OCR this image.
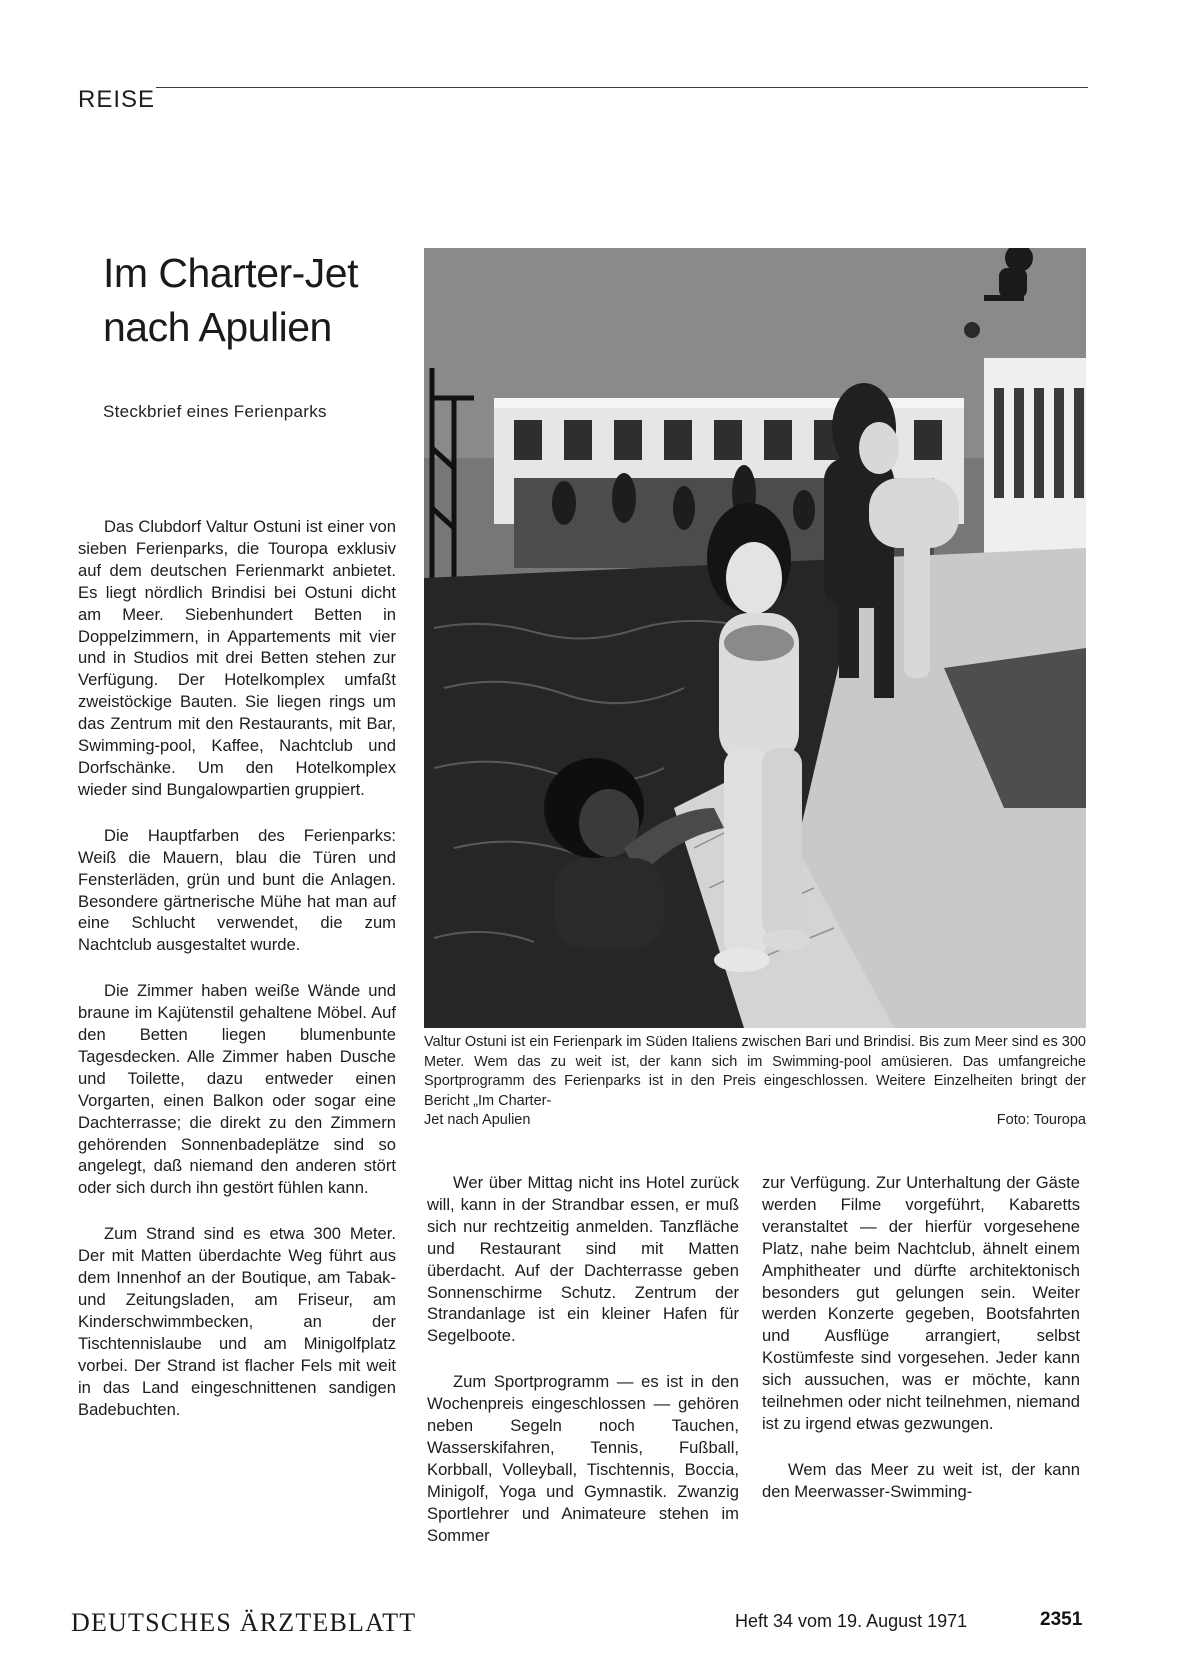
REISE
Im Charter-Jet nach Apulien
Steckbrief eines Ferienparks
Valtur Ostuni ist ein Ferienpark im Süden Italiens zwischen Bari und Brindisi. Bis zum Meer sind es 300 Meter. Wem das zu weit ist, der kann sich im Swimming-pool amüsieren. Das umfangreiche Sportprogramm des Ferienparks ist in den Preis eingeschlossen. Weitere Einzelheiten bringt der Bericht „Im Charter-
Jet nach Apulien	Foto: Touropa

Das Clubdorf Valtur Ostuni ist einer von sieben Ferienparks, die Touropa exklusiv auf dem deutschen Ferienmarkt anbietet. Es liegt nördlich Brindisi bei Ostuni dicht am Meer. Siebenhundert Betten in Doppelzimmern, in Appartements mit vier und in Studios mit drei Betten stehen zur Verfügung. Der Hotelkomplex umfaßt zweistöckige Bauten. Sie liegen rings um das Zentrum mit den Restaurants, mit Bar, Swimming-pool, Kaffee, Nachtclub und Dorfschänke. Um den Hotelkomplex wieder sind Bungalowpartien gruppiert.

Die Hauptfarben des Ferienparks: Weiß die Mauern, blau die Türen und Fensterläden, grün und bunt die Anlagen. Besondere gärtnerische Mühe hat man auf eine Schlucht verwendet, die zum Nachtclub ausgestaltet wurde.

Die Zimmer haben weiße Wände und braune im Kajütenstil gehaltene Möbel. Auf den Betten liegen blumenbunte Tagesdecken. Alle Zimmer haben Dusche und Toilette, dazu entweder einen Vorgarten, einen Balkon oder sogar eine Dachterrasse; die direkt zu den Zimmern gehörenden Sonnenbadeplätze sind so angelegt, daß niemand den anderen stört oder sich durch ihn gestört fühlen kann.

Zum Strand sind es etwa 300 Meter. Der mit Matten überdachte Weg führt aus dem Innenhof an der Boutique, am Tabak- und Zeitungsladen, am Friseur, am Kinderschwimmbecken, an der Tischtennislaube und am Minigolfplatz vorbei. Der Strand ist flacher Fels mit weit in das Land eingeschnittenen sandigen Badebuchten.

Wer über Mittag nicht ins Hotel zurück will, kann in der Strandbar essen, er muß sich nur rechtzeitig anmelden. Tanzfläche und Restaurant sind mit Matten überdacht. Auf der Dachterrasse geben Sonnenschirme Schutz. Zentrum der Strandanlage ist ein kleiner Hafen für Segelboote.

Zum Sportprogramm — es ist in den Wochenpreis eingeschlossen — gehören neben Segeln noch Tauchen, Wasserskifahren, Tennis, Fußball, Korbball, Volleyball, Tischtennis, Boccia, Minigolf, Yoga und Gymnastik. Zwanzig Sportlehrer und Animateure stehen im Sommer

zur Verfügung. Zur Unterhaltung der Gäste werden Filme vorgeführt, Kabaretts veranstaltet — der hierfür vorgesehene Platz, nahe beim Nachtclub, ähnelt einem Amphitheater und dürfte architektonisch besonders gut gelungen sein. Weiter werden Konzerte gegeben, Bootsfahrten und Ausflüge arrangiert, selbst Kostümfeste sind vorgesehen. Jeder kann sich aussuchen, was er möchte, kann teilnehmen oder nicht teilnehmen, niemand ist zu irgend etwas gezwungen.

Wem das Meer zu weit ist, der kann den Meerwasser-Swimming-

DEUTSCHES ÄRZTEBLATT	Heft 34 vom 19. August 1971	2351
